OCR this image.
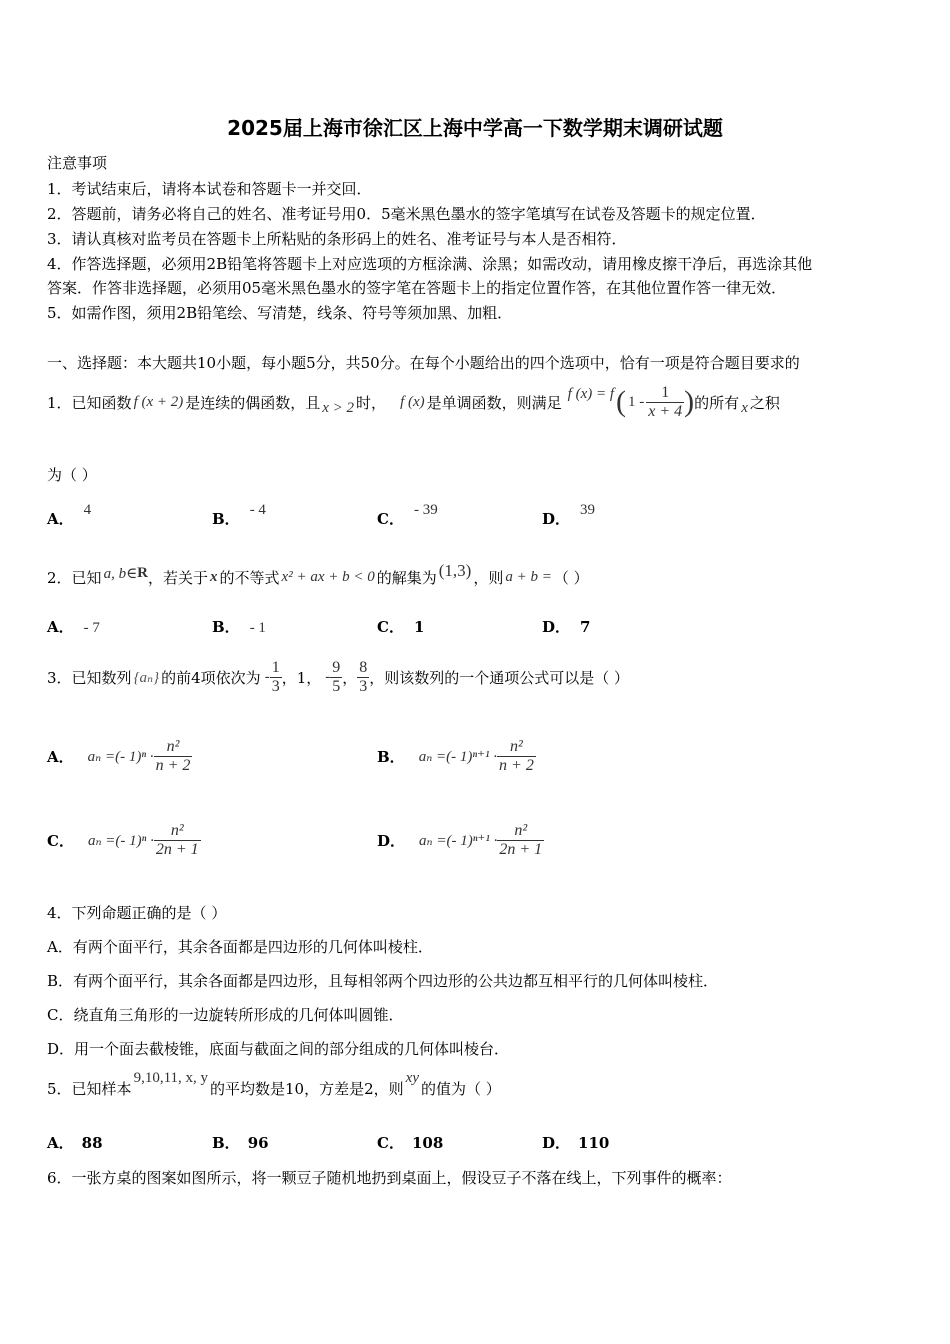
2025届上海市徐汇区上海中学高一下数学期末调研试题
注意事项
1．考试结束后，请将本试卷和答题卡一并交回．
2．答题前，请务必将自己的姓名、准考证号用0．5毫米黑色墨水的签字笔填写在试卷及答题卡的规定位置．
3．请认真核对监考员在答题卡上所粘贴的条形码上的姓名、准考证号与本人是否相符．
4．作答选择题，必须用2B铅笔将答题卡上对应选项的方框涂满、涂黑；如需改动，请用橡皮擦干净后，再选涂其他
答案．作答非选择题，必须用05毫米黑色墨水的签字笔在答题卡上的指定位置作答，在其他位置作答一律无效．
5．如需作图，须用2B铅笔绘、写清楚，线条、符号等须加黑、加粗．
一、选择题：本大题共10小题，每小题5分，共50分。在每个小题给出的四个选项中，恰有一项是符合题目要求的
1． 已知函数 f (x + 2) 是连续的偶函数，且 x > 2 时， f (x) 是单调函数，则满足 f (x) = f ( $1 - \frac{1}{x + 4}$ ) 的所有 x 之积
为（ ）
A． 4	B． - 4	C． - 39	D． 39
2． 已知 a, b∈ R ，若关于 x 的不等式 x² + ax + b < 0 的解集为 (1,3) ，则 a + b = （ ）
A． - 7	B． - 1	C． 1	D． 7
3． 已知数列 {aₙ} 的前4项依次为 - $\frac{1}{3}$ ，1， - $\frac{9}{5}$ ， $\frac{8}{3}$ ，则该数列的一个通项公式可以是（ ）
A． aₙ =(- $1)^n \cdot \frac{\text{n²}}{n + 2}$	B． aₙ =(- $1)^{n+1} \cdot \frac{\text{n²}}{n + 2}$
C． aₙ =(- $1)^n \cdot \frac{\text{n²}}{2n + 1}$	D． aₙ =(- $1)^{n+1} \cdot \frac{\text{n²}}{2n + 1}$
4．下列命题正确的是（ ）
A．有两个面平行，其余各面都是四边形的几何体叫棱柱．
B．有两个面平行，其余各面都是四边形，且每相邻两个四边形的公共边都互相平行的几何体叫棱柱．
C．绕直角三角形的一边旋转所形成的几何体叫圆锥．
D．用一个面去截棱锥，底面与截面之间的部分组成的几何体叫棱台．
5． 已知样本
9,10,11, x, y
的平均数是10，方差是2，则
xy
的值为（ ）
A． 88	B． 96	C． 108	D． 110
6．一张方桌的图案如图所示，将一颗豆子随机地扔到桌面上，假设豆子不落在线上，下列事件的概率：
